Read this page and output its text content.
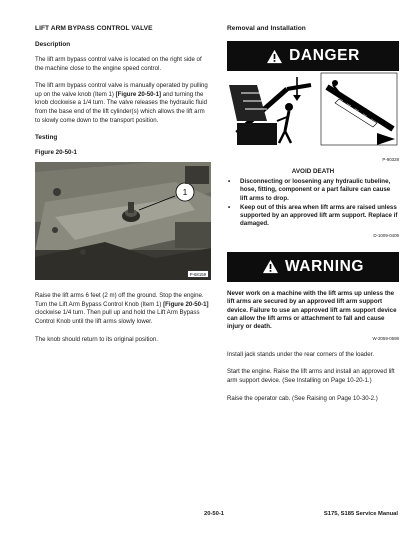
LIFT ARM BYPASS CONTROL VALVE
Description

The lift arm bypass control valve is located on the right side of the machine close to the engine speed control.

The lift arm bypass control valve is manually operated by pulling up on the valve knob (Item 1) [Figure 20-50-1] and turning the knob clockwise a 1/4 turn. The valve releases the hydraulic fluid from the base end of the lift cylinder(s) which allows the lift arm to slowly come down to the transport position.

Testing
Figure 20-50-1
1
P-68159

Raise the lift arms 6 feet (2 m) off the ground. Stop the engine. Turn the Lift Arm Bypass Control Knob (Item 1) [Figure 20-50-1] clockwise 1/4 turn. Then pull up and hold the Lift Arm Bypass Control Knob until the lift arms slowly lower.

The knob should return to its original position.

Removal and Installation
DANGER
P-90328
AVOID DEATH
• Disconnecting or loosening any hydraulic tubeline, hose, fitting, component or a part failure can cause lift arms to drop.
• Keep out of this area when lift arms are raised unless supported by an approved lift arm support. Replace if damaged.
D-1009-0409
WARNING

Never work on a machine with the lift arms up unless the lift arms are secured by an approved lift arm support device. Failure to use an approved lift arm support device can allow the lift arms or attachment to fall and cause injury or death.

W-2059-0598

Install jack stands under the rear corners of the loader.

Start the engine. Raise the lift arms and install an approved lift arm support device. (See Installing on Page 10-20-1.)

Raise the operator cab. (See Raising on Page 10-30-2.)

20-50-1	S175, S185 Service Manual
